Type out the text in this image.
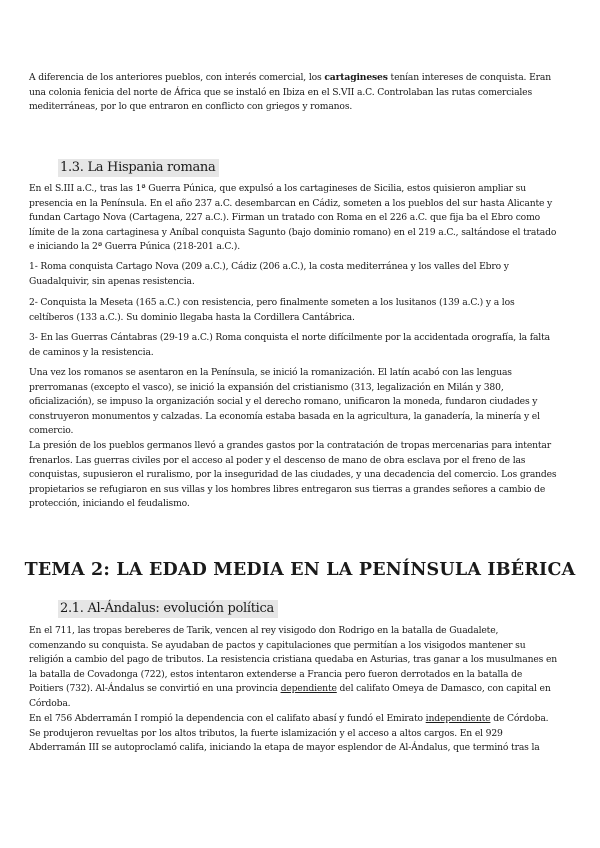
A diferencia de los anteriores pueblos, con interés comercial, los cartagineses tenían intereses de conquista. Eran una colonia fenicia del norte de África que se instaló en Ibiza en el S.VII a.C. Controlaban las rutas comerciales mediterráneas, por lo que entraron en conflicto con griegos y romanos.

1.3. La Hispania romana

En el S.III a.C., tras las 1ª Guerra Púnica, que expulsó a los cartagineses de Sicilia, estos quisieron ampliar su presencia en la Península. En el año 237 a.C. desembarcan en Cádiz, someten a los pueblos del sur hasta Alicante y fundan Cartago Nova (Cartagena, 227 a.C.). Firman un tratado con Roma en el 226 a.C. que fija ba el Ebro como límite de la zona cartaginesa y Aníbal conquista Sagunto (bajo dominio romano) en el 219 a.C., saltándose el tratado e iniciando la 2ª Guerra Púnica (218-201 a.C.).

1- Roma conquista Cartago Nova (209 a.C.), Cádiz (206 a.C.), la costa mediterránea y los valles del Ebro y Guadalquivir, sin apenas resistencia.

2- Conquista la Meseta (165 a.C.) con resistencia, pero finalmente someten a los lusitanos (139 a.C.) y a los celtíberos (133 a.C.). Su dominio llegaba hasta la Cordillera Cantábrica.

3- En las Guerras Cántabras (29-19 a.C.) Roma conquista el norte difícilmente por la accidentada orografía, la falta de caminos y la resistencia.

Una vez los romanos se asentaron en la Península, se inició la romanización. El latín acabó con las lenguas prerromanas (excepto el vasco), se inició la expansión del cristianismo (313, legalización en Milán y 380, oficialización), se impuso la organización social y el derecho romano, unificaron la moneda, fundaron ciudades y construyeron monumentos y calzadas. La economía estaba basada en la agricultura, la ganadería, la minería y el comercio.
La presión de los pueblos germanos llevó a grandes gastos por la contratación de tropas mercenarias para intentar frenarlos. Las guerras civiles por el acceso al poder y el descenso de mano de obra esclava por el freno de las conquistas, supusieron el ruralismo, por la inseguridad de las ciudades, y una decadencia del comercio. Los grandes propietarios se refugiaron en sus villas y los hombres libres entregaron sus tierras a grandes señores a cambio de protección, iniciando el feudalismo.

TEMA 2: LA EDAD MEDIA EN LA PENÍNSULA IBÉRICA
2.1. Al-Ándalus: evolución política

En el 711, las tropas bereberes de Tarik, vencen al rey visigodo don Rodrigo en la batalla de Guadalete, comenzando su conquista. Se ayudaban de pactos y capitulaciones que permitían a los visigodos mantener su religión a cambio del pago de tributos. La resistencia cristiana quedaba en Asturias, tras ganar a los musulmanes en la batalla de Covadonga (722), estos intentaron extenderse a Francia pero fueron derrotados en la batalla de Poitiers (732). Al-Ándalus se convirtió en una provincia dependiente del califato Omeya de Damasco, con capital en Córdoba.

En el 756 Abderramán I rompió la dependencia con el califato abasí y fundó el Emirato independiente de Córdoba. Se produjeron revueltas por los altos tributos, la fuerte islamización y el acceso a altos cargos. En el 929 Abderramán III se autoproclamó califa, iniciando la etapa de mayor esplendor de Al-Ándalus, que terminó tras la
